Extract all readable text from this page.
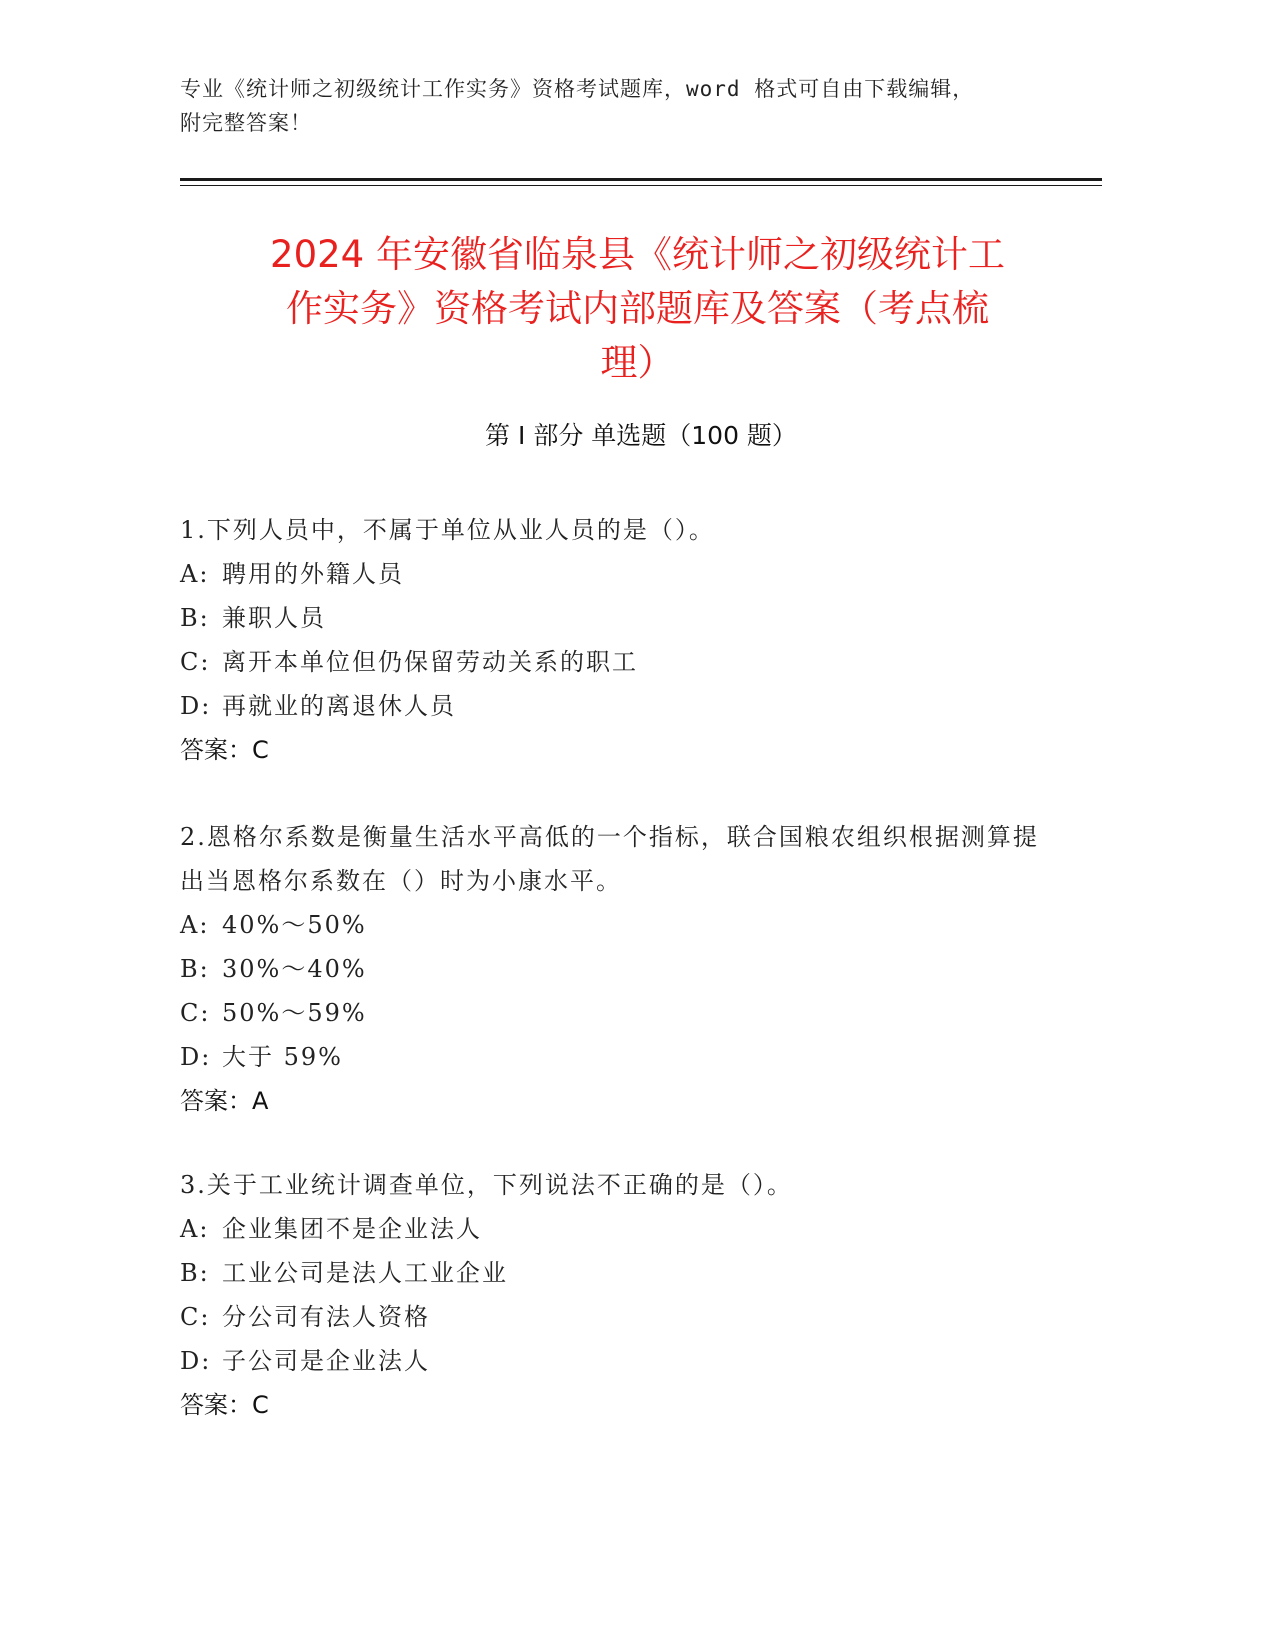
专业《统计师之初级统计工作实务》资格考试题库，word 格式可自由下载编辑，
附完整答案！
2024 年安徽省临泉县《统计师之初级统计工
作实务》资格考试内部题库及答案（考点梳
理）
第 I 部分 单选题（100 题）
1.下列人员中，不属于单位从业人员的是（）。
A: 聘用的外籍人员
B: 兼职人员
C: 离开本单位但仍保留劳动关系的职工
D: 再就业的离退休人员
答案：C
2.恩格尔系数是衡量生活水平高低的一个指标，联合国粮农组织根据测算提出当恩格尔系数在（）时为小康水平。
A: 40%～50%
B: 30%～40%
C: 50%～59%
D: 大于 59%
答案：A
3.关于工业统计调查单位，下列说法不正确的是（）。
A: 企业集团不是企业法人
B: 工业公司是法人工业企业
C: 分公司有法人资格
D: 子公司是企业法人
答案：C
